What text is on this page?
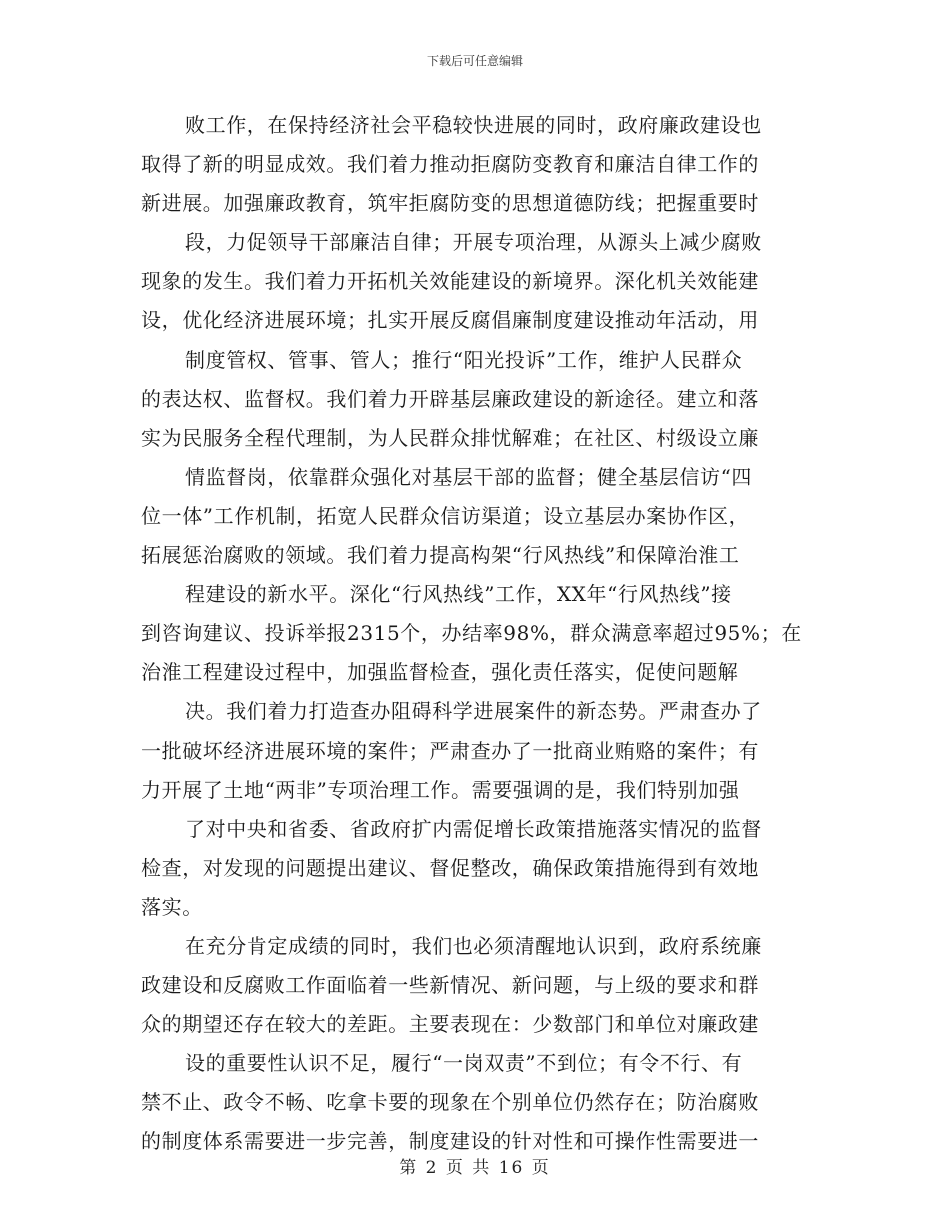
下载后可任意编辑
败工作，在保持经济社会平稳较快进展的同时，政府廉政建设也
取得了新的明显成效。我们着力推动拒腐防变教育和廉洁自律工作的
新进展。加强廉政教育，筑牢拒腐防变的思想道德防线；把握重要时
段，力促领导干部廉洁自律；开展专项治理，从源头上减少腐败
现象的发生。我们着力开拓机关效能建设的新境界。深化机关效能建
设，优化经济进展环境；扎实开展反腐倡廉制度建设推动年活动，用
制度管权、管事、管人；推行“阳光投诉”工作，维护人民群众
的表达权、监督权。我们着力开辟基层廉政建设的新途径。建立和落
实为民服务全程代理制，为人民群众排忧解难；在社区、村级设立廉
情监督岗，依靠群众强化对基层干部的监督；健全基层信访“四
位一体”工作机制，拓宽人民群众信访渠道；设立基层办案协作区，
拓展惩治腐败的领域。我们着力提高构架“行风热线”和保障治淮工
程建设的新水平。深化“行风热线”工作，XX年“行风热线”接
到咨询建议、投诉举报2315个，办结率98%，群众满意率超过95%；在
治淮工程建设过程中，加强监督检查，强化责任落实，促使问题解
决。我们着力打造查办阻碍科学进展案件的新态势。严肃查办了
一批破坏经济进展环境的案件；严肃查办了一批商业贿赂的案件；有
力开展了土地“两非”专项治理工作。需要强调的是，我们特别加强
了对中央和省委、省政府扩内需促增长政策措施落实情况的监督
检查，对发现的问题提出建议、督促整改，确保政策措施得到有效地
落实。
在充分肯定成绩的同时，我们也必须清醒地认识到，政府系统廉
政建设和反腐败工作面临着一些新情况、新问题，与上级的要求和群
众的期望还存在较大的差距。主要表现在：少数部门和单位对廉政建
设的重要性认识不足，履行“一岗双责”不到位；有令不行、有
禁不止、政令不畅、吃拿卡要的现象在个别单位仍然存在；防治腐败
的制度体系需要进一步完善，制度建设的针对性和可操作性需要进一
第 2 页 共 16 页
